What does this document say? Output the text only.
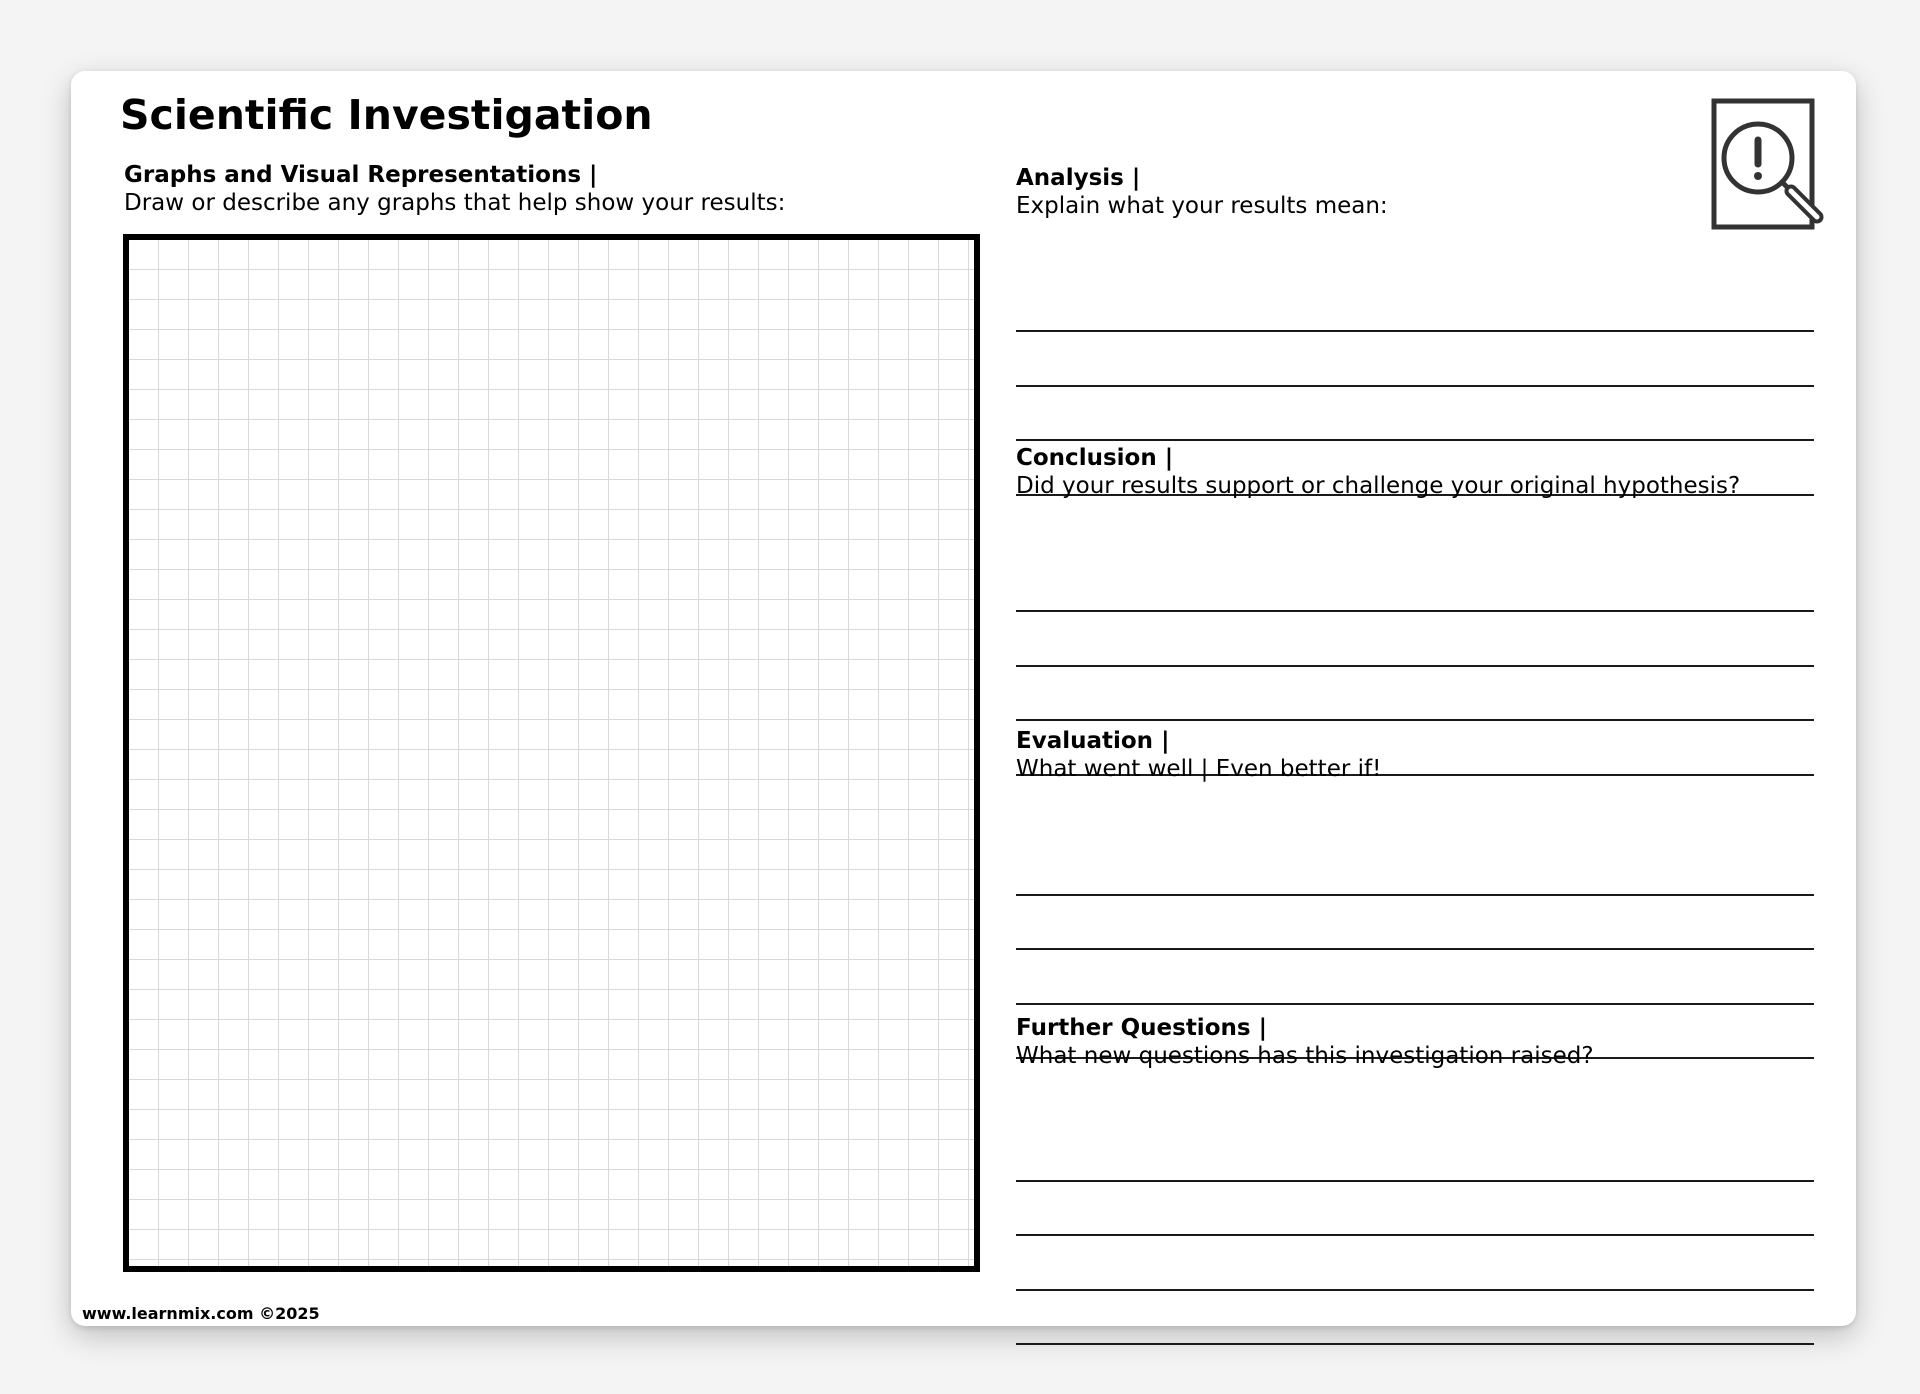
Scientific Investigation
Graphs and Visual Representations |
Draw or describe any graphs that help show your results:
Analysis |
Explain what your results mean:
Conclusion |
Did your results support or challenge your original hypothesis?
Evaluation |
What went well | Even better if!
Further Questions |
What new questions has this investigation raised?
www.learnmix.com ©2025
